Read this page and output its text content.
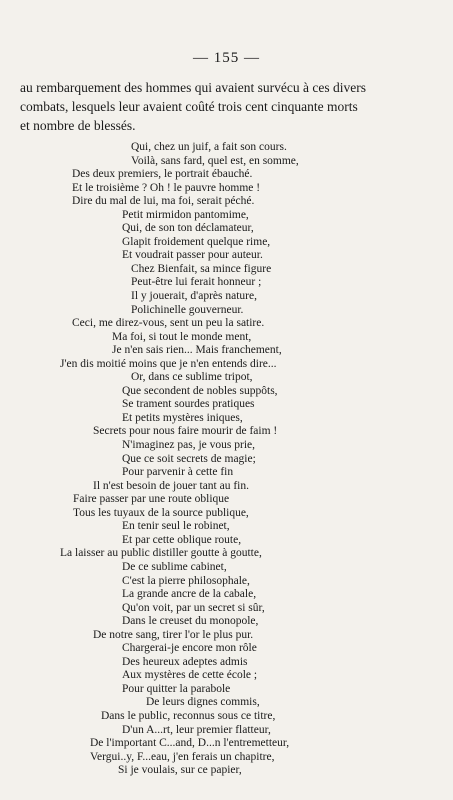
— 155 —
au rembarquement des hommes qui avaient survécu à ces divers
combats, lesquels leur avaient coûté trois cent cinquante morts
et nombre de blessés.
Qui, chez un juif, a fait son cours.
Voilà, sans fard, quel est, en somme,
Des deux premiers, le portrait ébauché.
Et le troisième ? Oh ! le pauvre homme !
Dire du mal de lui, ma foi, serait péché.
Petit mirmidon pantomime,
Qui, de son ton déclamateur,
Glapit froidement quelque rime,
Et voudrait passer pour auteur.
Chez Bienfait, sa mince figure
Peut-être lui ferait honneur ;
Il y jouerait, d'après nature,
Polichinelle gouverneur.
Ceci, me direz-vous, sent un peu la satire.
Ma foi, si tout le monde ment,
Je n'en sais rien... Mais franchement,
J'en dis moitié moins que je n'en entends dire...
Or, dans ce sublime tripot,
Que secondent de nobles suppôts,
Se trament sourdes pratiques
Et petits mystères iniques,
Secrets pour nous faire mourir de faim !
N'imaginez pas, je vous prie,
Que ce soit secrets de magie;
Pour parvenir à cette fin
Il n'est besoin de jouer tant au fin.
Faire passer par une route oblique
Tous les tuyaux de la source publique,
En tenir seul le robinet,
Et par cette oblique route,
La laisser au public distiller goutte à goutte,
De ce sublime cabinet,
C'est la pierre philosophale,
La grande ancre de la cabale,
Qu'on voit, par un secret si sûr,
Dans le creuset du monopole,
De notre sang, tirer l'or le plus pur.
Chargerai-je encore mon rôle
Des heureux adeptes admis
Aux mystères de cette école ;
Pour quitter la parabole
De leurs dignes commis,
Dans le public, reconnus sous ce titre,
D'un A...rt, leur premier flatteur,
De l'important C...and, D...n l'entremetteur,
Vergui..y, F...eau, j'en ferais un chapitre,
Si je voulais, sur ce papier,
